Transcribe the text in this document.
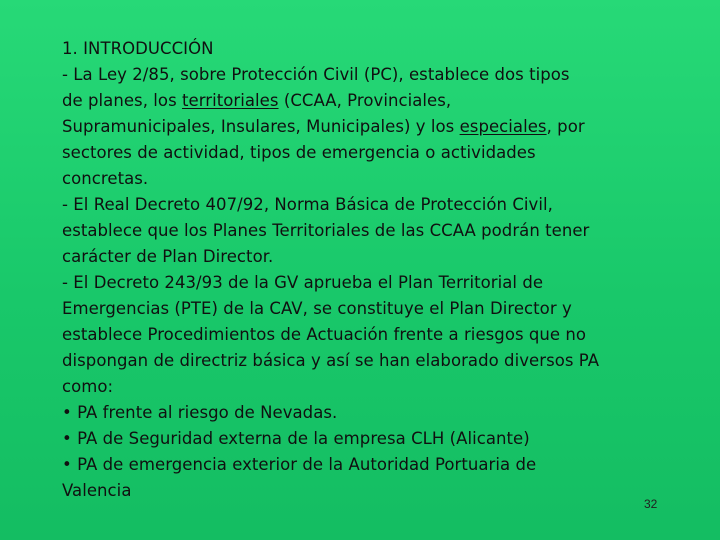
1. INTRODUCCIÓN
- La Ley 2/85, sobre Protección Civil (PC), establece dos tipos
de planes, los territoriales (CCAA, Provinciales,
Supramunicipales, Insulares, Municipales) y los especiales, por
sectores de actividad, tipos de emergencia o actividades
concretas.
- El Real Decreto 407/92, Norma Básica de Protección Civil,
establece que los Planes Territoriales de las CCAA podrán tener
carácter de Plan Director.
- El Decreto 243/93 de la GV aprueba el Plan Territorial de
Emergencias (PTE) de la CAV, se constituye el Plan Director y
establece Procedimientos de Actuación frente a riesgos que no
dispongan de directriz básica y así se han elaborado diversos PA
como:
• PA frente al riesgo de Nevadas.
• PA de Seguridad externa de la empresa CLH (Alicante)
• PA de emergencia exterior de la Autoridad Portuaria de
Valencia
32
